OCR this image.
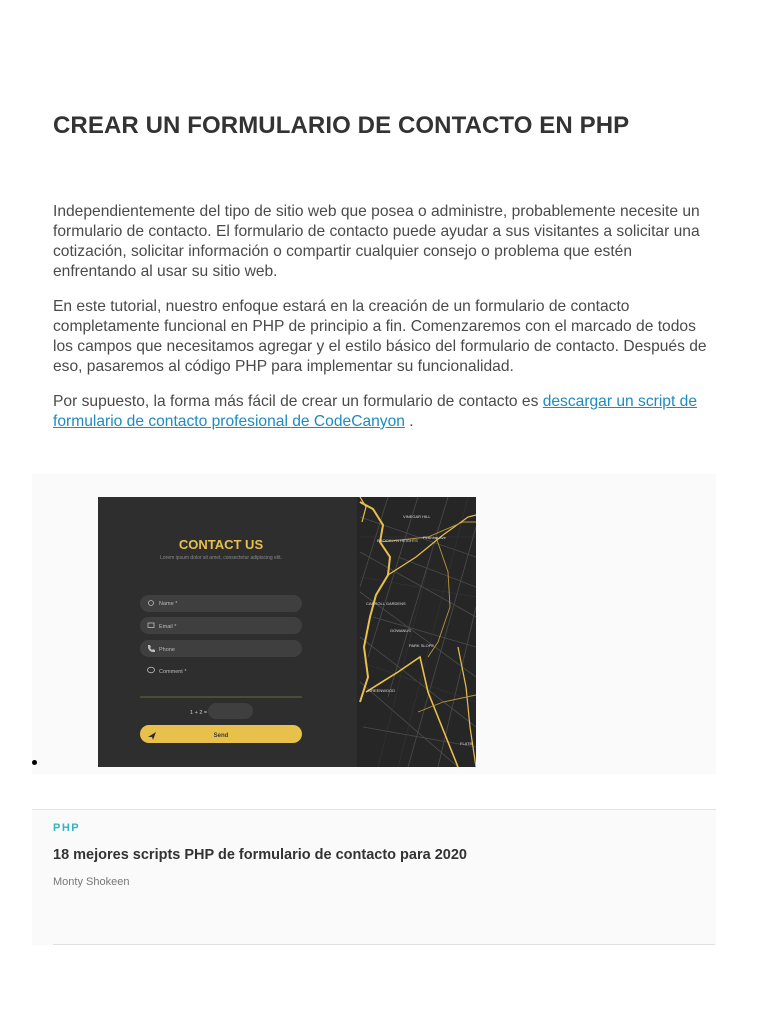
CREAR UN FORMULARIO DE CONTACTO EN PHP

Independientemente del tipo de sitio web que posea o administre, probablemente necesite un formulario de contacto. El formulario de contacto puede ayudar a sus visitantes a solicitar una cotización, solicitar información o compartir cualquier consejo o problema que estén enfrentando al usar su sitio web.

En este tutorial, nuestro enfoque estará en la creación de un formulario de contacto completamente funcional en PHP de principio a fin. Comenzaremos con el marcado de todos los campos que necesitamos agregar y el estilo básico del formulario de contacto. Después de eso, pasaremos al código PHP para implementar su funcionalidad.

Por supuesto, la forma más fácil de crear un formulario de contacto es descargar un script de formulario de contacto profesional de CodeCanyon .

CONTACT US
Lorem ipsum dolor sit amet, consectetur adipiscing elit.
Name *
Email *
Phone
Comment *
1 + 2 =
Send
VINEGAR HILL
BROOKLYN HEIGHTS
Flushing Ave
CARROLL GARDENS
GOWANUS
PARK SLOPE
GREENWOOD
FLATB
PHP
18 mejores scripts PHP de formulario de contacto para 2020
Monty Shokeen
